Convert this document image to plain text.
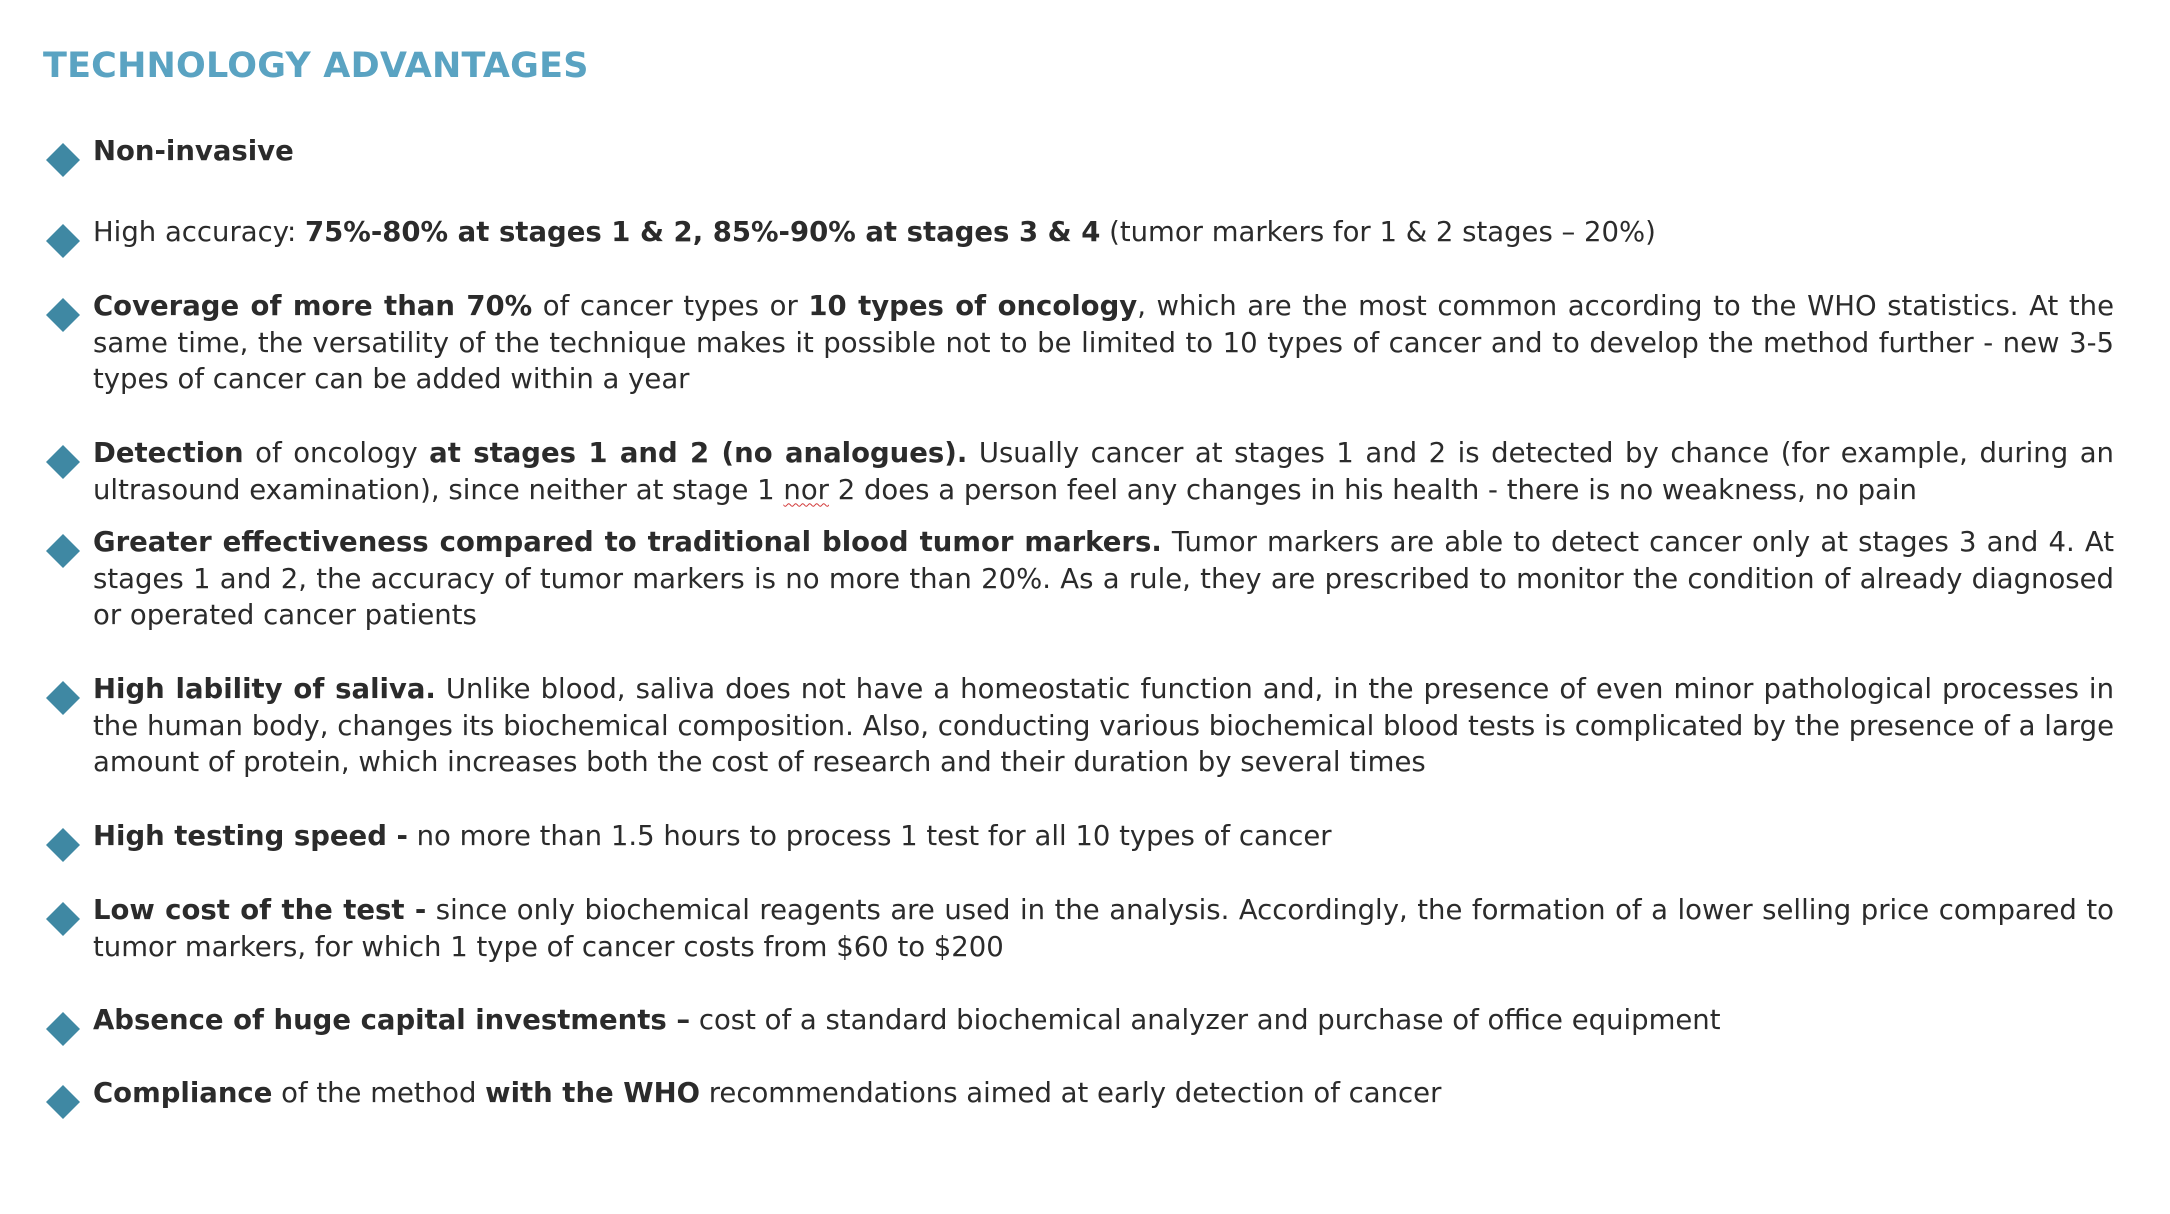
TECHNOLOGY ADVANTAGES
Non-invasive
High accuracy: 75%-80% at stages 1 & 2, 85%-90% at stages 3 & 4 (tumor markers for 1 & 2 stages – 20%)
Coverage of more than 70% of cancer types or 10 types of oncology, which are the most common according to the WHO statistics. At the same time, the versatility of the technique makes it possible not to be limited to 10 types of cancer and to develop the method further - new 3-5 types of cancer can be added within a year
Detection of oncology at stages 1 and 2 (no analogues). Usually cancer at stages 1 and 2 is detected by chance (for example, during an ultrasound examination), since neither at stage 1 nor 2 does a person feel any changes in his health - there is no weakness, no pain
Greater effectiveness compared to traditional blood tumor markers. Tumor markers are able to detect cancer only at stages 3 and 4. At stages 1 and 2, the accuracy of tumor markers is no more than 20%. As a rule, they are prescribed to monitor the condition of already diagnosed or operated cancer patients
High lability of saliva. Unlike blood, saliva does not have a homeostatic function and, in the presence of even minor pathological processes in the human body, changes its biochemical composition. Also, conducting various biochemical blood tests is complicated by the presence of a large amount of protein, which increases both the cost of research and their duration by several times
High testing speed - no more than 1.5 hours to process 1 test for all 10 types of cancer
Low cost of the test - since only biochemical reagents are used in the analysis. Accordingly, the formation of a lower selling price compared to tumor markers, for which 1 type of cancer costs from $60 to $200
Absence of huge capital investments – cost of a standard biochemical analyzer and purchase of office equipment
Compliance of the method with the WHO recommendations aimed at early detection of cancer
